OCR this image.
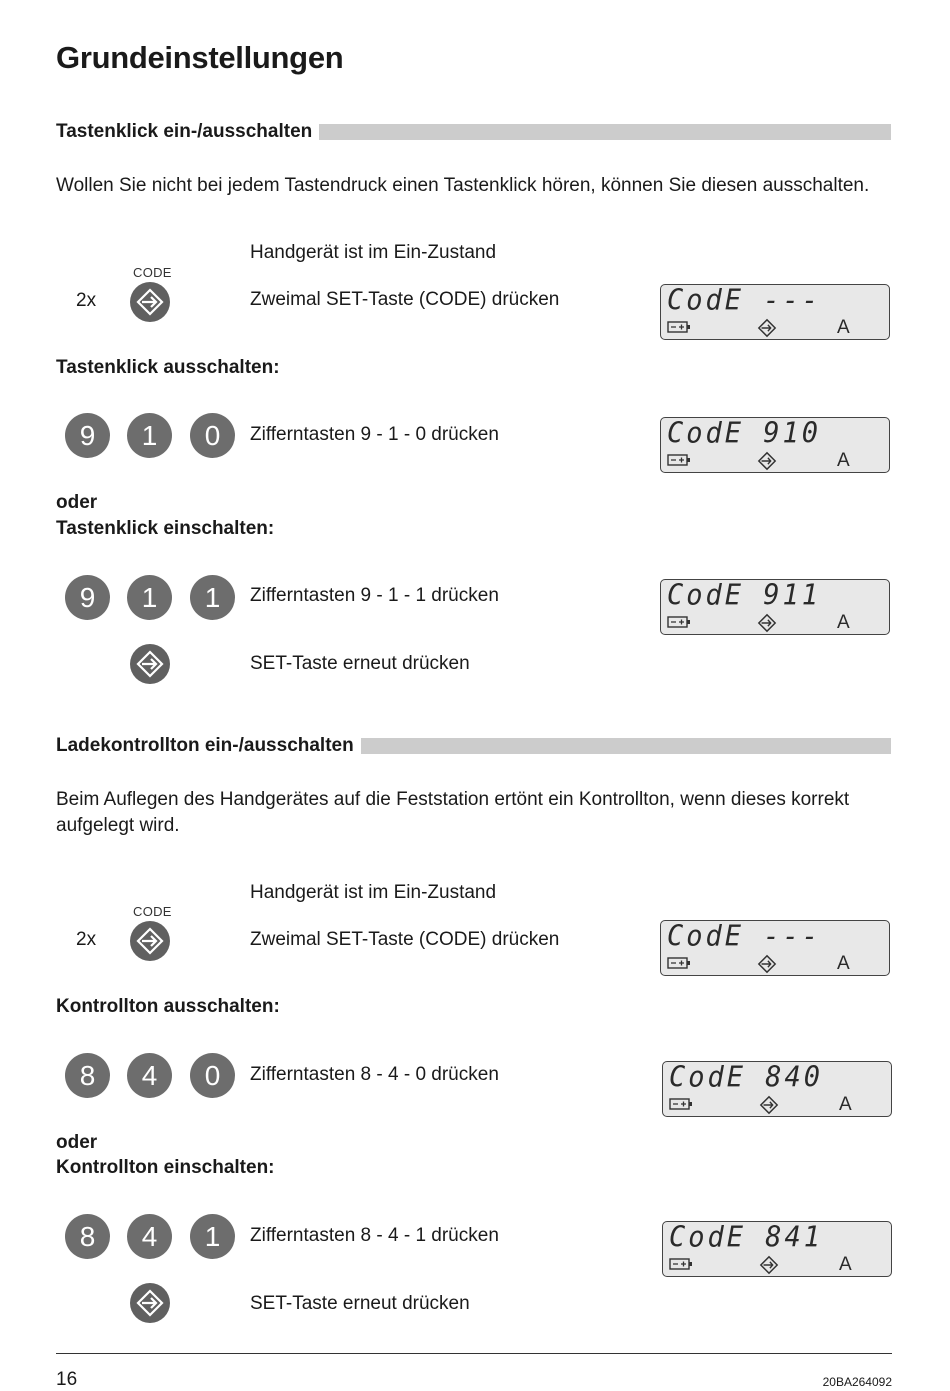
Grundeinstellungen
Tastenklick ein-/ausschalten
Wollen Sie nicht bei jedem Tastendruck einen Tastenklick hören, können Sie diesen ausschalten.
Handgerät ist im Ein-Zustand
CODE
2x	Zweimal SET-Taste (CODE) drücken	CodE ---
A
Tastenklick ausschalten:
9	1	0	Zifferntasten 9 - 1 - 0 drücken	CodE 910
A
oder
Tastenklick einschalten:
9	1	1	Zifferntasten 9 - 1 - 1 drücken	CodE 911
A
SET-Taste erneut drücken
Ladekontrollton ein-/ausschalten
Beim Auflegen des Handgerätes auf die Feststation ertönt ein Kontrollton, wenn dieses korrekt aufgelegt wird.
Handgerät ist im Ein-Zustand
CODE
2x	Zweimal SET-Taste (CODE) drücken	CodE ---
A
Kontrollton ausschalten:
8	4	0	Zifferntasten 8 - 4 - 0 drücken	CodE 840
A
oder
Kontrollton einschalten:
8	4	1	Zifferntasten 8 - 4 - 1 drücken	CodE 841
A
SET-Taste erneut drücken
16	20BA264092
